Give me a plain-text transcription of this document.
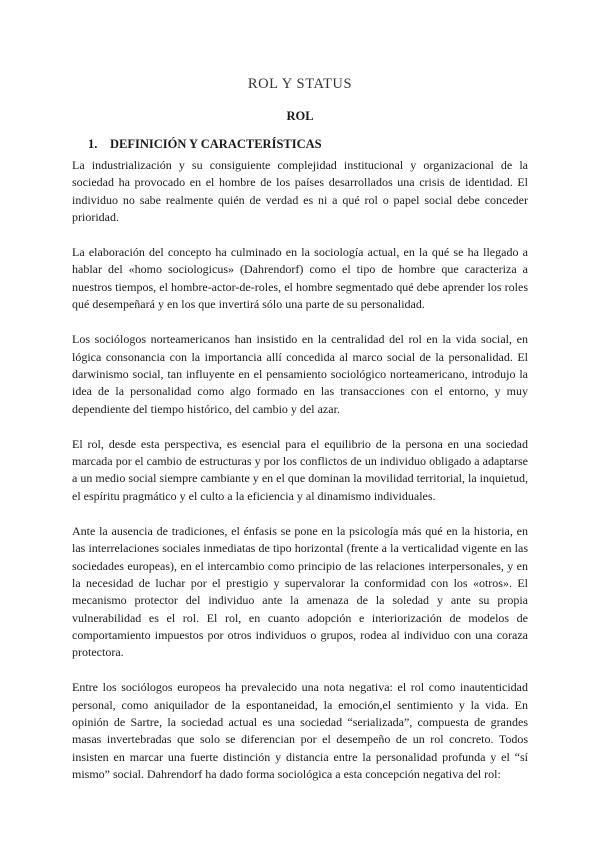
ROL Y STATUS
ROL
1. DEFINICIÓN Y CARACTERÍSTICAS

La industrialización y su consiguiente complejidad institucional y organizacional de la sociedad ha provocado en el hombre de los países desarrollados una crisis de identidad. El individuo no sabe realmente quién de verdad es ni a qué rol o papel social debe conceder prioridad.

La elaboración del concepto ha culminado en la sociología actual, en la qué se ha llegado a hablar del «homo sociologicus» (Dahrendorf) como el tipo de hombre que caracteriza a nuestros tiempos, el hombre-actor-de-roles, el hombre segmentado qué debe aprender los roles qué desempeñará y en los que invertirá sólo una parte de su personalidad.

Los sociólogos norteamericanos han insistido en la centralidad del rol en la vida social, en lógica consonancia con la importancia allí concedida al marco social de la personalidad. El darwinismo social, tan influyente en el pensamiento sociológico norteamericano, introdujo la idea de la personalidad como algo formado en las transacciones con el entorno, y muy dependiente del tiempo histórico, del cambio y del azar.

El rol, desde esta perspectiva, es esencial para el equilibrio de la persona en una sociedad marcada por el cambio de estructuras y por los conflictos de un individuo obligado a adaptarse a un medio social siempre cambiante y en el que dominan la movilidad territorial, la inquietud, el espíritu pragmático y el culto a la eficiencia y al dinamismo individuales.

Ante la ausencia de tradiciones, el énfasis se pone en la psicología más qué en la historia, en las interrelaciones sociales inmediatas de tipo horizontal (frente a la verticalidad vigente en las sociedades europeas), en el intercambio como principio de las relaciones interpersonales, y en la necesidad de luchar por el prestigio y supervalorar la conformidad con los «otros». El mecanismo protector del individuo ante la amenaza de la soledad y ante su propia vulnerabilidad es el rol. El rol, en cuanto adopción e interiorización de modelos de comportamiento impuestos por otros individuos o grupos, rodea al individuo con una coraza protectora.

Entre los sociólogos europeos ha prevalecido una nota negativa: el rol como inautenticidad personal, como aniquilador de la espontaneidad, la emoción,el sentimiento y la vida. En opinión de Sartre, la sociedad actual es una sociedad “serializada”, compuesta de grandes masas invertebradas que solo se diferencian por el desempeño de un rol concreto. Todos insisten en marcar una fuerte distinción y distancia entre la personalidad profunda y el “sí mismo” social. Dahrendorf ha dado forma sociológica a esta concepción negativa del rol:
